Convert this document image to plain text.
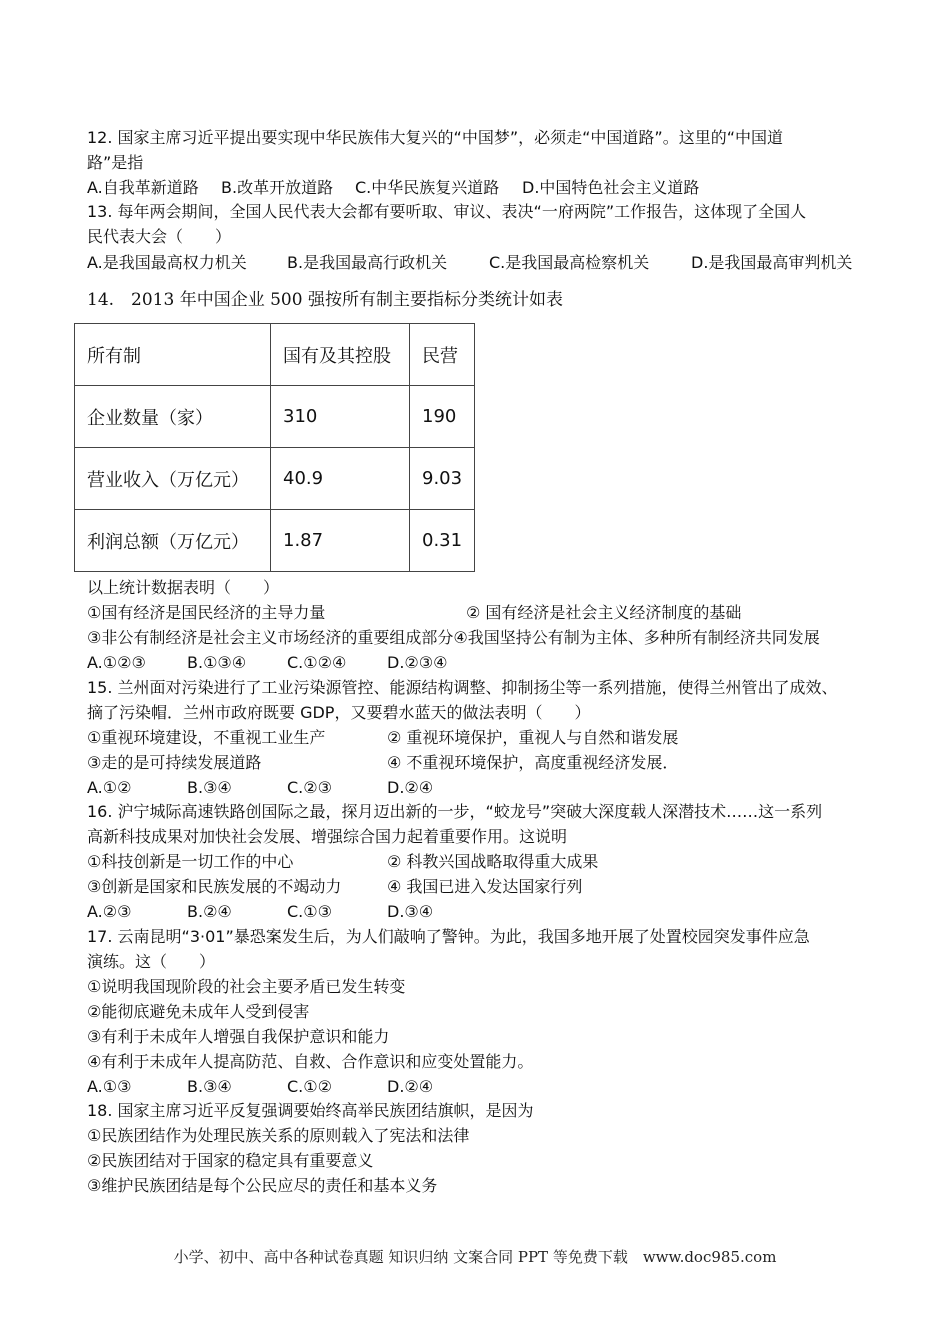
12. 国家主席习近平提出要实现中华民族伟大复兴的“中国梦”，必须走“中国道路”。这里的“中国道
路”是指
A.自我革新道路 B.改革开放道路 C.中华民族复兴道路 D.中国特色社会主义道路
13. 每年两会期间，全国人民代表大会都有要听取、审议、表决“一府两院”工作报告，这体现了全国人
民代表大会（　　）
A.是我国最高权力机关	B.是我国最高行政机关	C.是我国最高检察机关	D.是我国最高审判机关
14.　2013 年中国企业 500 强按所有制主要指标分类统计如表
所有制	国有及其控股	民营
企业数量（家）	310	190
营业收入（万亿元）	40.9	9.03
利润总额（万亿元）	1.87	0.31
以上统计数据表明（　　）
①国有经济是国民经济的主导力量	② 国有经济是社会主义经济制度的基础
③非公有制经济是社会主义市场经济的重要组成部分④我国坚持公有制为主体、多种所有制经济共同发展
A.①②③	B.①③④	C.①②④	D.②③④
15. 兰州面对污染进行了工业污染源管控、能源结构调整、抑制扬尘等一系列措施，使得兰州管出了成效、
摘了污染帽．兰州市政府既要 GDP，又要碧水蓝天的做法表明（　　）
①重视环境建设，不重视工业生产	② 重视环境保护，重视人与自然和谐发展
③走的是可持续发展道路	④ 不重视环境保护，高度重视经济发展．
A.①②	B.③④	C.②③	D.②④
16. 沪宁城际高速铁路创国际之最，探月迈出新的一步，“蛟龙号”突破大深度载人深潜技术……这一系列
高新科技成果对加快社会发展、增强综合国力起着重要作用。这说明
①科技创新是一切工作的中心	② 科教兴国战略取得重大成果
③创新是国家和民族发展的不竭动力	④ 我国已进入发达国家行列
A.②③	B.②④	C.①③	D.③④
17. 云南昆明“3·01”暴恐案发生后，为人们敲响了警钟。为此，我国多地开展了处置校园突发事件应急
演练。这（　　）
①说明我国现阶段的社会主要矛盾已发生转变
②能彻底避免未成年人受到侵害
③有利于未成年人增强自我保护意识和能力
④有利于未成年人提高防范、自救、合作意识和应变处置能力。
A.①③	B.③④	C.①②	D.②④
18. 国家主席习近平反复强调要始终高举民族团结旗帜，是因为
①民族团结作为处理民族关系的原则载入了宪法和法律
②民族团结对于国家的稳定具有重要意义
③维护民族团结是每个公民应尽的责任和基本义务
小学、初中、高中各种试卷真题 知识归纳 文案合同 PPT 等免费下载　www.doc985.com
